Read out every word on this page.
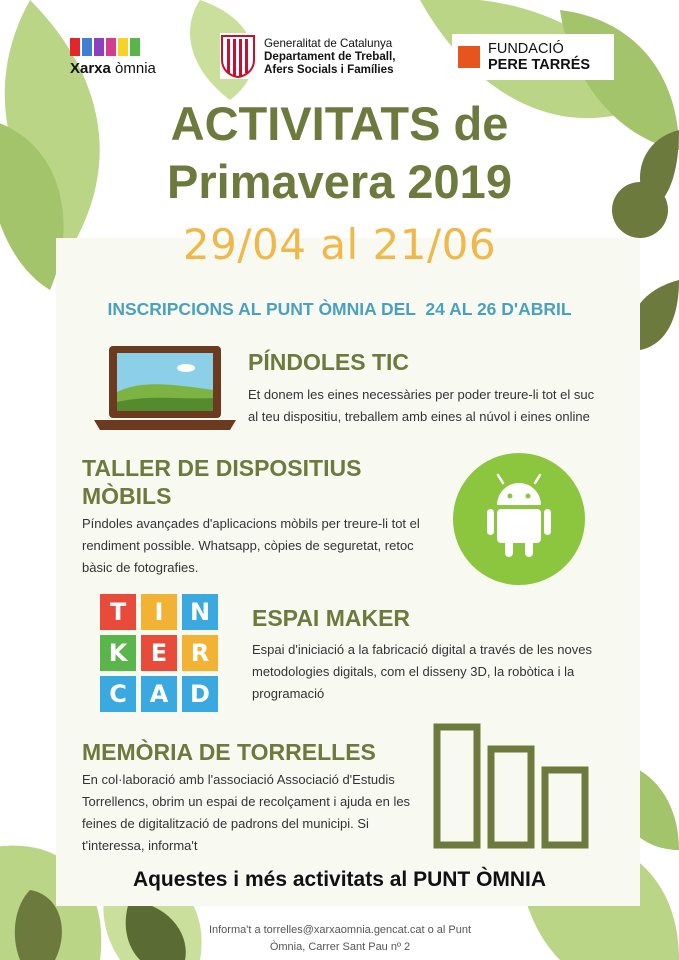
Xarxa òmnia
Generalitat de Catalunya
Departament de Treball,
Afers Socials i Famílies
FUNDACIÓ
PERE TARRÉS
ACTIVITATS de
Primavera 2019
29/04 al 21/06
INSCRIPCIONS AL PUNT ÒMNIA DEL  24 AL 26 D'ABRIL
PÍNDOLES TIC
Et donem les eines necessàries per poder treure-li tot el suc
al teu dispositiu, treballem amb eines al núvol i eines online
TALLER DE DISPOSITIUS
MÒBILS
Píndoles avançades d'aplicacions mòbils per treure-li tot el
rendiment possible. Whatsapp, còpies de seguretat, retoc
bàsic de fotografies.
T	I	N
K E R
C A D
ESPAI MAKER
Espai d'iniciació a la fabricació digital a través de les noves
metodologies digitals, com el disseny 3D, la robòtica i la
programació
MEMÒRIA DE TORRELLES
En col·laboració amb l'associació Associació d'Estudis
Torrellencs, obrim un espai de recolçament i ajuda en les
feines de digitalització de padrons del municipi. Si
t'interessa, informa't
Aquestes i més activitats al PUNT ÒMNIA
Informa't a torrelles@xarxaomnia.gencat.cat o al Punt
Òmnia, Carrer Sant Pau nº 2
